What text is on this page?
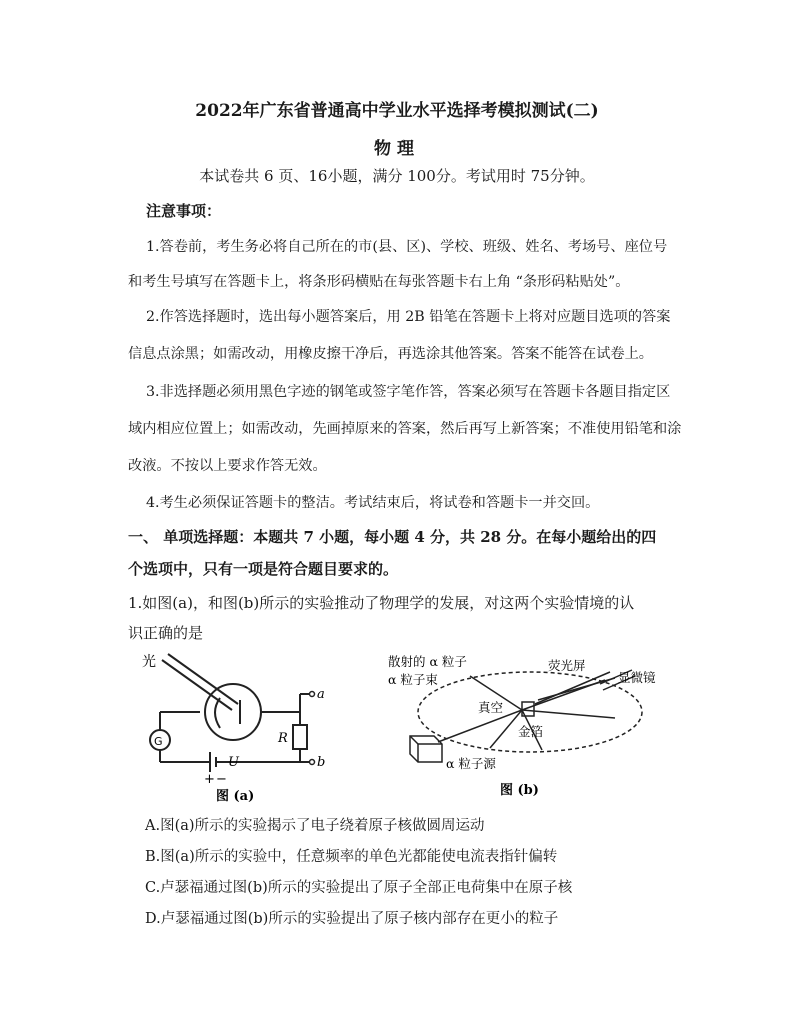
2022年广东省普通高中学业水平选择考模拟测试(二)
物理
本试卷共 6 页、16小题，满分 100分。考试用时 75分钟。
注意事项：
1.答卷前，考生务必将自己所在的市(县、区)、学校、班级、姓名、考场号、座位号
和考生号填写在答题卡上，将条形码横贴在每张答题卡右上角 “条形码粘贴处”。
2.作答选择题时，选出每小题答案后，用 2B 铅笔在答题卡上将对应题目选项的答案
信息点涂黑；如需改动，用橡皮擦干净后，再选涂其他答案。答案不能答在试卷上。
3.非选择题必须用黑色字迹的钢笔或签字笔作答，答案必须写在答题卡各题目指定区
域内相应位置上；如需改动，先画掉原来的答案，然后再写上新答案；不准使用铅笔和涂
改液。不按以上要求作答无效。
4.考生必须保证答题卡的整洁。考试结束后，将试卷和答题卡一并交回。
一、 单项选择题：本题共 7 小题，每小题 4 分，共 28 分。在每小题给出的四
个选项中，只有一项是符合题目要求的。
1.如图(a)，和图(b)所示的实验推动了物理学的发展，对这两个实验情境的认
识正确的是
光
G	R
U
a
b
+ −
图 (a)
散射的 α 粒子
α 粒子束
荧光屏
显微镜
真空
金箔
α 粒子源
图 (b)
A.图(a)所示的实验揭示了电子绕着原子核做圆周运动
B.图(a)所示的实验中，任意频率的单色光都能使电流表指针偏转
C.卢瑟福通过图(b)所示的实验提出了原子全部正电荷集中在原子核
D.卢瑟福通过图(b)所示的实验提出了原子核内部存在更小的粒子
